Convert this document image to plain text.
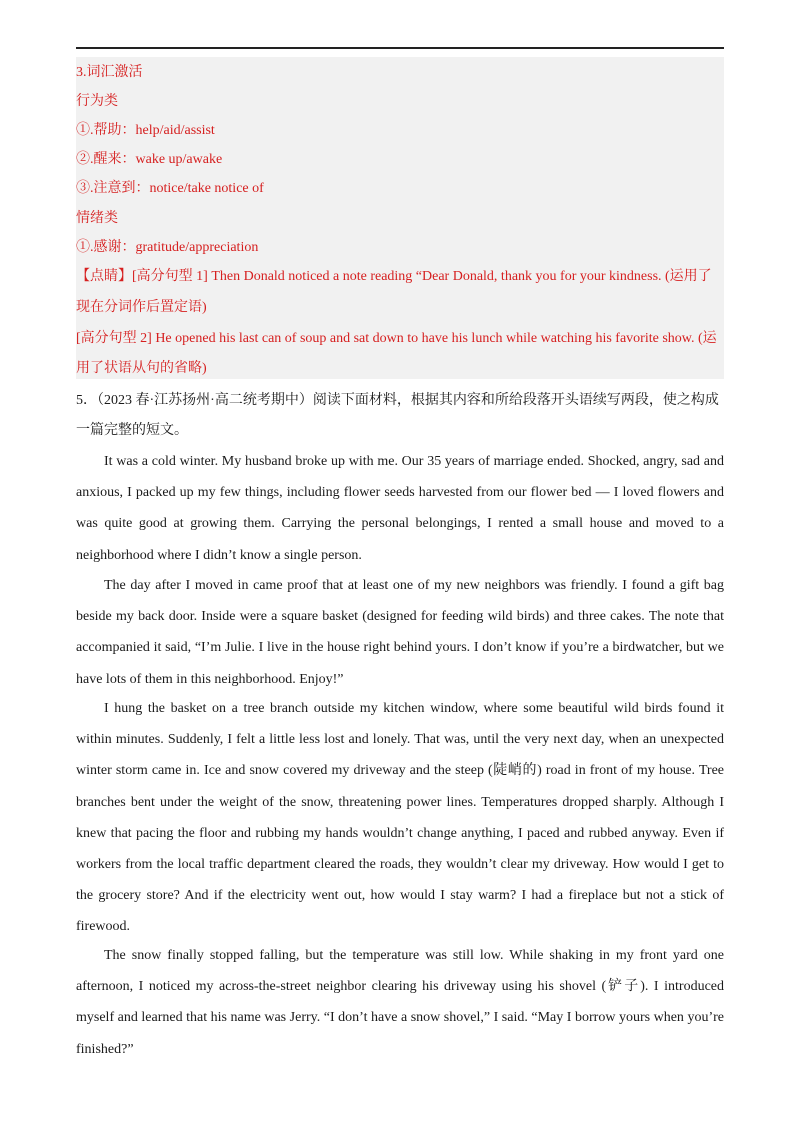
3.词汇激活
行为类
①.帮助：help/aid/assist
②.醒来：wake up/awake
③.注意到：notice/take notice of
情绪类
①.感谢：gratitude/appreciation
【点睛】[高分句型 1] Then Donald noticed a note reading “Dear Donald, thank you for your kindness. (运用了
现在分词作后置定语)
[高分句型 2] He opened his last can of soup and sat down to have his lunch while watching his favorite show. (运
用了状语从句的省略)
5．（2023 春·江苏扬州·高二统考期中）阅读下面材料，根据其内容和所给段落开头语续写两段，使之构成一篇完整的短文。
It was a cold winter. My husband broke up with me. Our 35 years of marriage ended. Shocked, angry, sad and anxious, I packed up my few things, including flower seeds harvested from our flower bed — I loved flowers and was quite good at growing them. Carrying the personal belongings, I rented a small house and moved to a neighborhood where I didn’t know a single person.
The day after I moved in came proof that at least one of my new neighbors was friendly. I found a gift bag beside my back door. Inside were a square basket (designed for feeding wild birds) and three cakes. The note that accompanied it said, “I’m Julie. I live in the house right behind yours. I don’t know if you’re a birdwatcher, but we have lots of them in this neighborhood. Enjoy!”
I hung the basket on a tree branch outside my kitchen window, where some beautiful wild birds found it within minutes. Suddenly, I felt a little less lost and lonely. That was, until the very next day, when an unexpected winter storm came in. Ice and snow covered my driveway and the steep (陡峭的) road in front of my house. Tree branches bent under the weight of the snow, threatening power lines. Temperatures dropped sharply. Although I knew that pacing the floor and rubbing my hands wouldn’t change anything, I paced and rubbed anyway. Even if workers from the local traffic department cleared the roads, they wouldn’t clear my driveway. How would I get to the grocery store? And if the electricity went out, how would I stay warm? I had a fireplace but not a stick of firewood.
The snow finally stopped falling, but the temperature was still low. While shaking in my front yard one afternoon, I noticed my across-the-street neighbor clearing his driveway using his shovel (铲子). I introduced myself and learned that his name was Jerry. “I don’t have a snow shovel,” I said. “May I borrow yours when you’re finished?”
